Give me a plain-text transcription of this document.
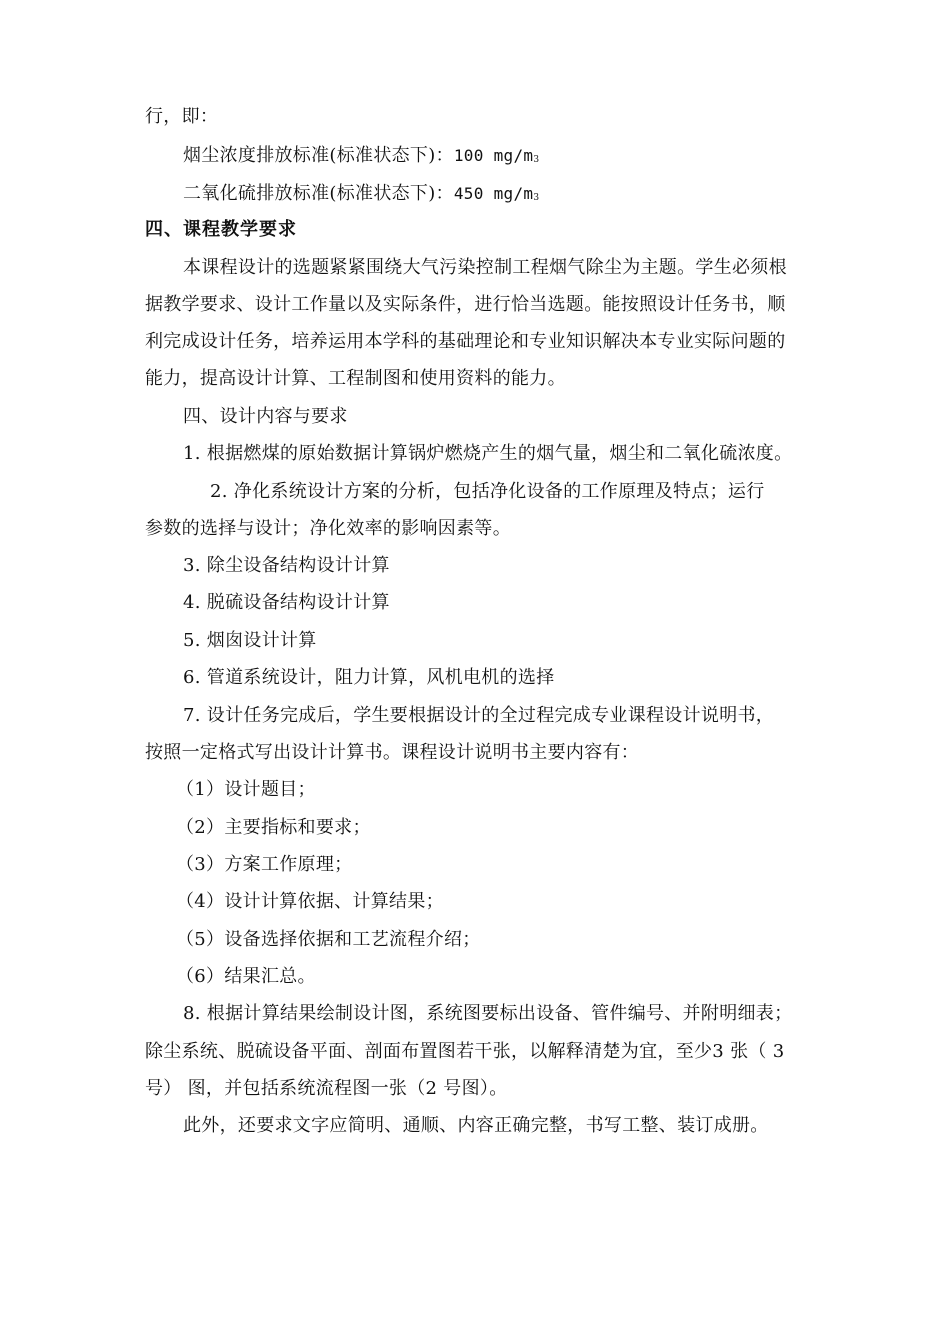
行，即：
烟尘浓度排放标准(标准状态下)：100 mg/m3
二氧化硫排放标准(标准状态下)：450 mg/m3
四、课程教学要求
本课程设计的选题紧紧围绕大气污染控制工程烟气除尘为主题。学生必须根
据教学要求、设计工作量以及实际条件，进行恰当选题。能按照设计任务书，顺
利完成设计任务，培养运用本学科的基础理论和专业知识解决本专业实际问题的
能力，提高设计计算、工程制图和使用资料的能力。
四、设计内容与要求
1. 根据燃煤的原始数据计算锅炉燃烧产生的烟气量，烟尘和二氧化硫浓度。
2. 净化系统设计方案的分析，包括净化设备的工作原理及特点；运行
参数的选择与设计；净化效率的影响因素等。
3. 除尘设备结构设计计算
4. 脱硫设备结构设计计算
5. 烟囱设计计算
6. 管道系统设计，阻力计算，风机电机的选择
7. 设计任务完成后，学生要根据设计的全过程完成专业课程设计说明书，
按照一定格式写出设计计算书。课程设计说明书主要内容有：
（1）设计题目；
（2）主要指标和要求；
（3）方案工作原理；
（4）设计计算依据、计算结果；
（5）设备选择依据和工艺流程介绍；
（6）结果汇总。
8. 根据计算结果绘制设计图，系统图要标出设备、管件编号、并附明细表；
除尘系统、脱硫设备平面、剖面布置图若干张，以解释清楚为宜，至少3 张（ 3
号） 图，并包括系统流程图一张（2 号图）。
此外，还要求文字应简明、通顺、内容正确完整，书写工整、装订成册。
